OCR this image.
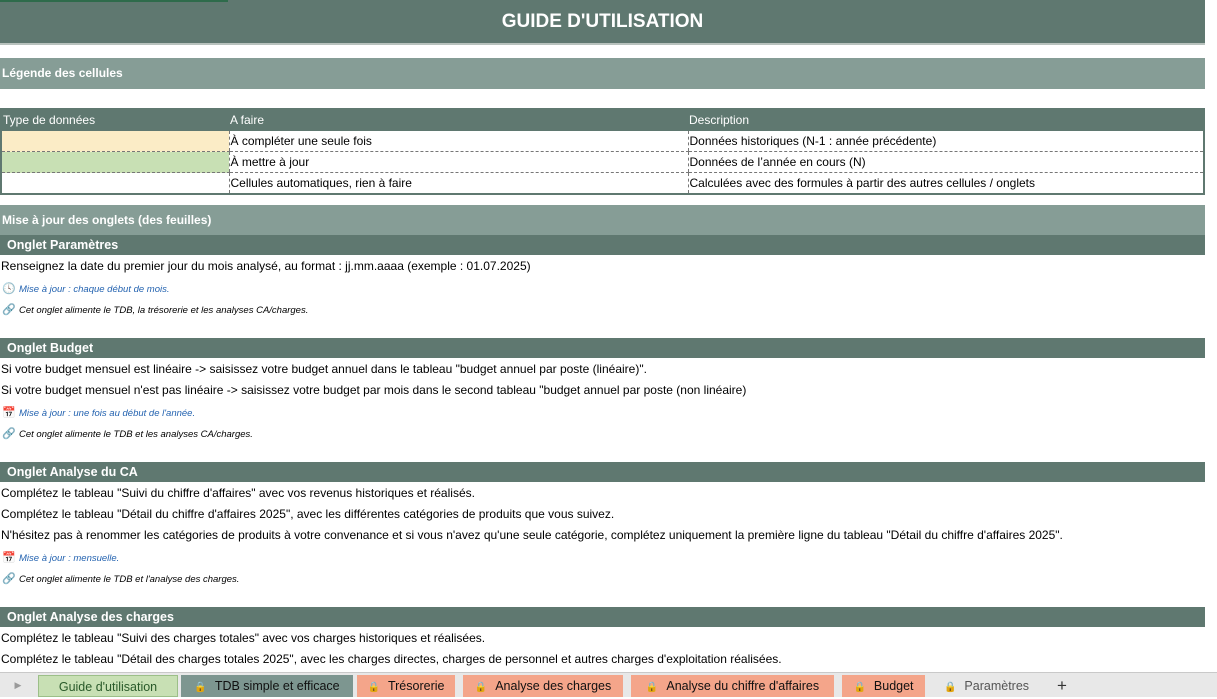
GUIDE D'UTILISATION
Légende des cellules
Type de données	A faire	Description
	À compléter une seule fois	Données historiques (N-1 : année précédente)
	À mettre à jour	Données de l’année en cours (N)
	Cellules automatiques, rien à faire	Calculées avec des formules à partir des autres cellules / onglets
Mise à jour des onglets (des feuilles)
Onglet Paramètres
Renseignez la date du premier jour du mois analysé, au format : jj.mm.aaaa (exemple : 01.07.2025)
🕓 Mise à jour : chaque début de mois.
🔗 Cet onglet alimente le TDB, la trésorerie et les analyses CA/charges.
Onglet Budget
Si votre budget mensuel est linéaire -> saisissez votre budget annuel dans le tableau "budget annuel par poste (linéaire)".
Si votre budget mensuel n'est pas linéaire -> saisissez votre budget par mois dans le second tableau "budget annuel par poste (non linéaire)
📅 Mise à jour : une fois au début de l'année.
🔗 Cet onglet alimente le TDB et les analyses CA/charges.
Onglet Analyse du CA
Complétez le tableau "Suivi du chiffre d'affaires" avec vos revenus historiques et réalisés.
Complétez le tableau "Détail du chiffre d'affaires 2025", avec les différentes catégories de produits que vous suivez.
N'hésitez pas à renommer les catégories de produits à votre convenance et si vous n'avez qu'une seule catégorie, complétez uniquement la première ligne du tableau "Détail du chiffre d'affaires 2025".
📅 Mise à jour : mensuelle.
🔗 Cet onglet alimente le TDB et l'analyse des charges.
Onglet Analyse des charges
Complétez le tableau "Suivi des charges totales" avec vos charges historiques et réalisées.
Complétez le tableau "Détail des charges totales 2025", avec les charges directes, charges de personnel et autres charges d'exploitation réalisées.
▶	Guide d'utilisation	🔒 TDB simple et efficace	🔒 Trésorerie	🔒 Analyse des charges	🔒 Analyse du chiffre d'affaires	🔒 Budget	🔒 Paramètres	+
